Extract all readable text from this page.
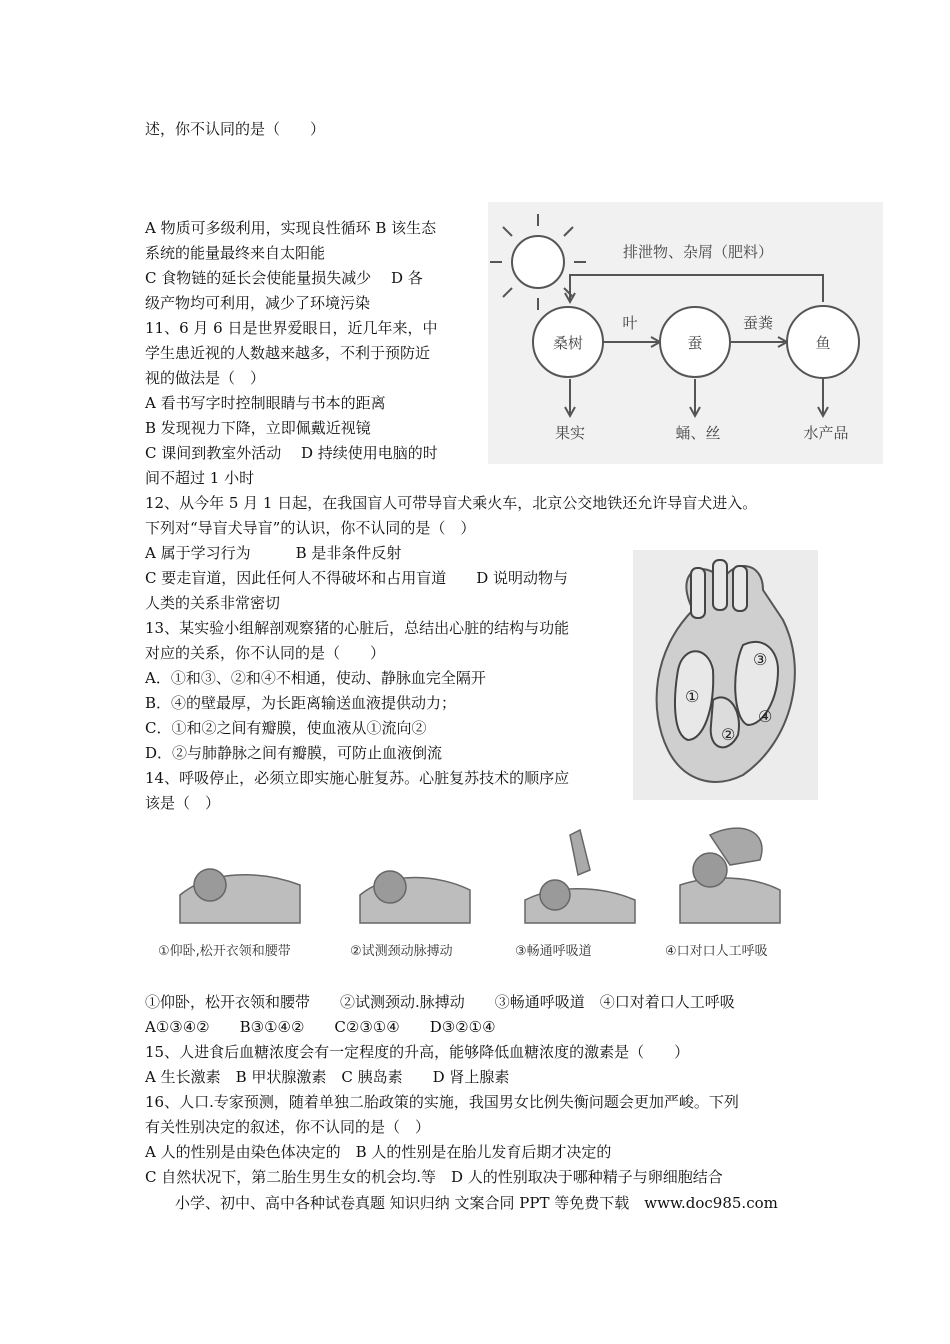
述，你不认同的是（　　）
A 物质可多级利用，实现良性循环 B 该生态
系统的能量最终来自太阳能
C 食物链的延长会使能量损失减少　 D 各
级产物均可利用，减少了环境污染
11、6 月 6 日是世界爱眼日，近几年来，中
学生患近视的人数越来越多，不利于预防近
视的做法是（　）
A 看书写字时控制眼睛与书本的距离
B 发现视力下降，立即佩戴近视镜
C 课间到教室外活动　 D 持续使用电脑的时
间不超过 1 小时
12、从今年 5 月 1 日起，在我国盲人可带导盲犬乘火车，北京公交地铁还允许导盲犬进入。
下列对“导盲犬导盲”的认识，你不认同的是（　）
A 属于学习行为　　　B 是非条件反射
C 要走盲道，因此任何人不得破坏和占用盲道　　D 说明动物与
人类的关系非常密切
13、某实验小组解剖观察猪的心脏后，总结出心脏的结构与功能
对应的关系，你不认同的是（　　）
A．①和③、②和④不相通，使动、静脉血完全隔开
B．④的壁最厚，为长距离输送血液提供动力；
C．①和②之间有瓣膜，使血液从①流向②
D．②与肺静脉之间有瓣膜，可防止血液倒流
14、呼吸停止，必须立即实施心脏复苏。心脏复苏技术的顺序应
该是（　）
①仰卧，松开衣领和腰带　　②试测颈动.脉搏动　　③畅通呼吸道　④口对着口人工呼吸
A①③④②　　B③①④②　　C②③①④　　D③②①④
15、人进食后血糖浓度会有一定程度的升高，能够降低血糖浓度的激素是（　　）
A 生长激素　B 甲状腺激素　C 胰岛素　　D 肾上腺素
16、人口.专家预测，随着单独二胎政策的实施，我国男女比例失衡问题会更加严峻。下列
有关性别决定的叙述，你不认同的是（　）
A 人的性别是由染色体决定的　B 人的性别是在胎儿发育后期才决定的
C 自然状况下，第二胎生男生女的机会均.等　D 人的性别取决于哪种精子与卵细胞结合
排泄物、杂屑（肥料）
桑树	蚕	鱼
叶	蚕粪
果实	蛹、丝	水产品
①
②
③
④
①仰卧,松开衣领和腰带	②试测颈动脉搏动	③畅通呼吸道	④口对口人工呼吸
小学、初中、高中各种试卷真题 知识归纳 文案合同 PPT 等免费下载　www.doc985.com
